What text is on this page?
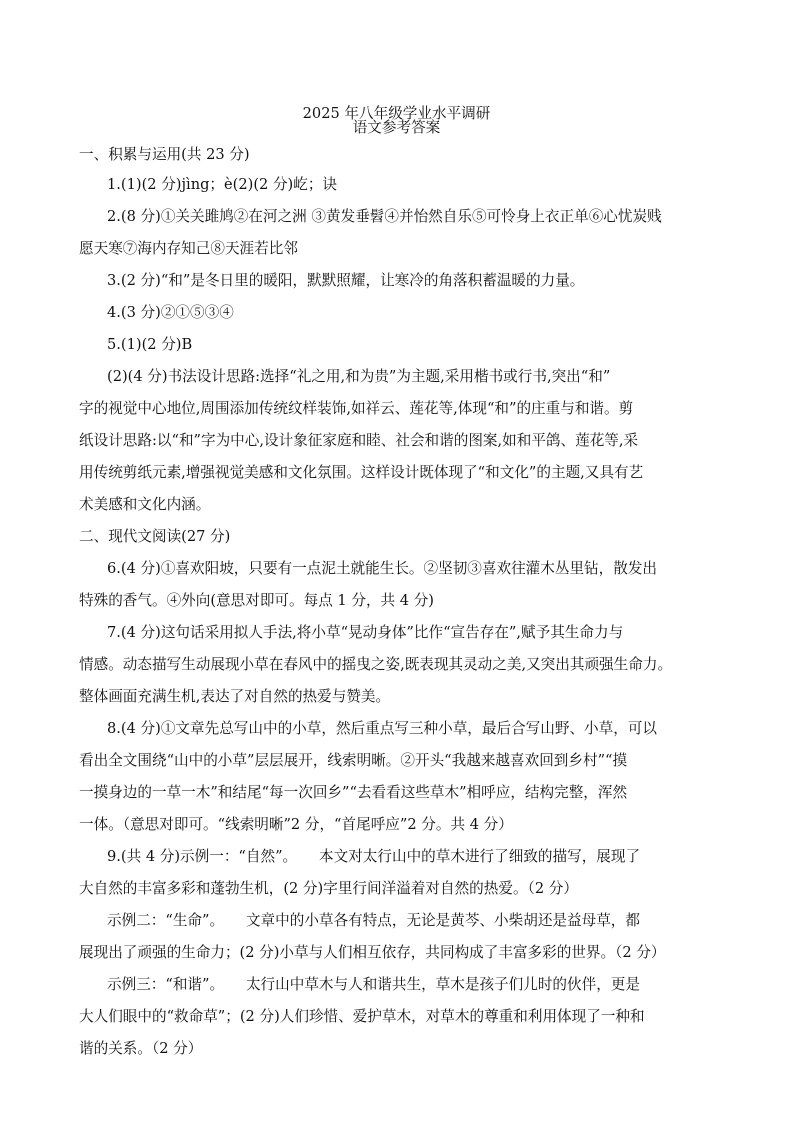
2025 年八年级学业水平调研
语文参考答案
一、积累与运用(共 23 分)
1.(1)(2 分)jìng；è(2)(2 分)屹；诀
2.(8 分)①关关雎鸠②在河之洲 ③黄发垂髫④并怡然自乐⑤可怜身上衣正单⑥心忧炭贱
愿天寒⑦海内存知己⑧天涯若比邻
3.(2 分)“和”是冬日里的暖阳，默默照耀，让寒冷的角落积蓄温暖的力量。
4.(3 分)②①⑤③④
5.(1)(2 分)B
(2)(4 分)书法设计思路:选择“礼之用,和为贵”为主题,采用楷书或行书,突出“和”
字的视觉中心地位,周围添加传统纹样装饰,如祥云、莲花等,体现“和”的庄重与和谐。剪
纸设计思路:以“和”字为中心,设计象征家庭和睦、社会和谐的图案,如和平鸽、莲花等,采
用传统剪纸元素,增强视觉美感和文化氛围。这样设计既体现了“和文化”的主题,又具有艺
术美感和文化内涵。
二、现代文阅读(27 分)
6.(4 分)①喜欢阳坡，只要有一点泥土就能生长。②坚韧③喜欢往灌木丛里钻，散发出
特殊的香气。④外向(意思对即可。每点 1 分，共 4 分)
7.(4 分)这句话采用拟人手法,将小草“晃动身体”比作“宣告存在”,赋予其生命力与
情感。动态描写生动展现小草在春风中的摇曳之姿,既表现其灵动之美,又突出其顽强生命力。
整体画面充满生机,表达了对自然的热爱与赞美。
8.(4 分)①文章先总写山中的小草，然后重点写三种小草，最后合写山野、小草，可以
看出全文围绕“山中的小草”层层展开，线索明晰。②开头“我越来越喜欢回到乡村”“摸
一摸身边的一草一木”和结尾“每一次回乡”“去看看这些草木”相呼应，结构完整，浑然
一体。（意思对即可。“线索明晰”2 分，“首尾呼应”2 分。共 4 分）
9.(共 4 分)示例一：“自然”。　　本文对太行山中的草木进行了细致的描写，展现了
大自然的丰富多彩和蓬勃生机，(2 分)字里行间洋溢着对自然的热爱。（2 分）
示例二：“生命”。　　文章中的小草各有特点，无论是黄芩、小柴胡还是益母草，都
展现出了顽强的生命力；(2 分)小草与人们相互依存，共同构成了丰富多彩的世界。（2 分）
示例三：“和谐”。　　太行山中草木与人和谐共生，草木是孩子们儿时的伙伴，更是
大人们眼中的“救命草”；(2 分)人们珍惜、爱护草木，对草木的尊重和利用体现了一种和
谐的关系。（2 分）
